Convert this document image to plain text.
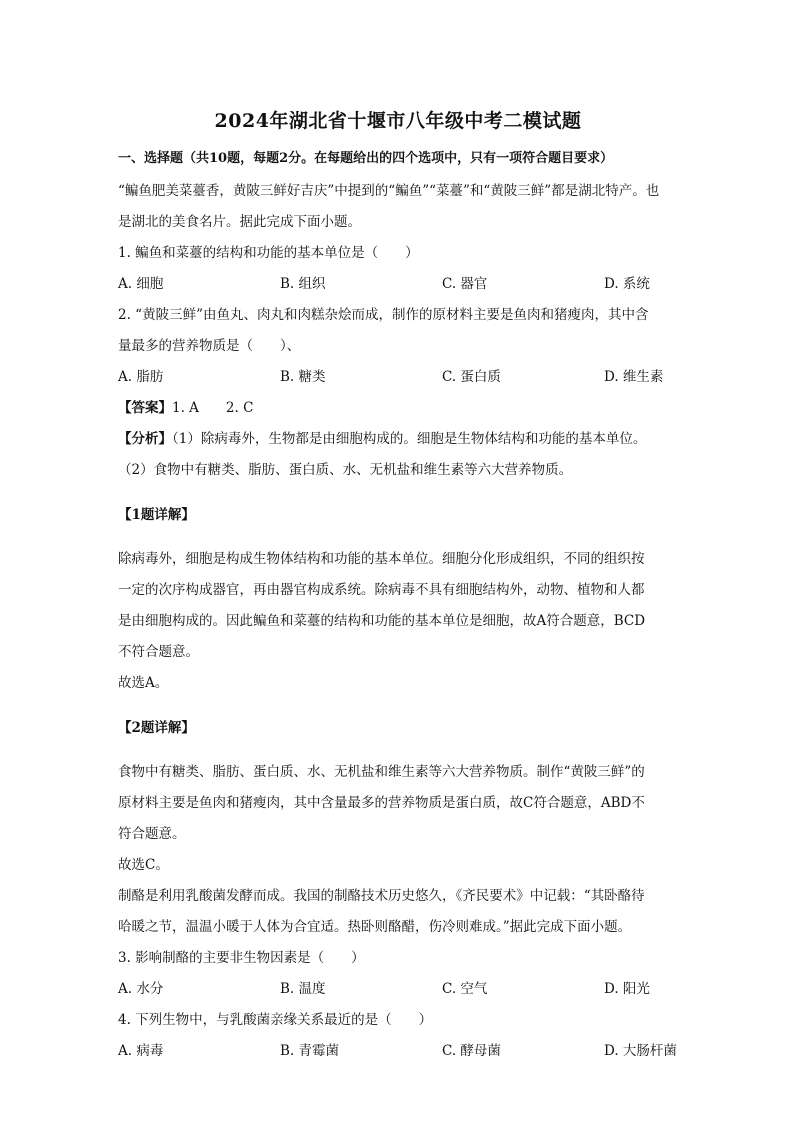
2024年湖北省十堰市八年级中考二模试题
一、选择题（共10题，每题2分。在每题给出的四个选项中，只有一项符合题目要求）

“鳊鱼肥美菜薹香，黄陂三鲜好吉庆”中提到的“鳊鱼”“菜薹”和“黄陂三鲜”都是湖北特产。也

是湖北的美食名片。据此完成下面小题。

1. 鳊鱼和菜薹的结构和功能的基本单位是（　　）

A. 细胞	B. 组织	C. 器官	D. 系统

2. “黄陂三鲜”由鱼丸、肉丸和肉糕杂烩而成，制作的原材料主要是鱼肉和猪瘦肉，其中含

量最多的营养物质是（　　）、

A. 脂肪	B. 糖类	C. 蛋白质	D. 维生素

【答案】1. A　　2. C

【分析】（1）除病毒外，生物都是由细胞构成的。细胞是生物体结构和功能的基本单位。

（2）食物中有糖类、脂肪、蛋白质、水、无机盐和维生素等六大营养物质。

【1题详解】

除病毒外，细胞是构成生物体结构和功能的基本单位。细胞分化形成组织，不同的组织按

一定的次序构成器官，再由器官构成系统。除病毒不具有细胞结构外，动物、植物和人都

是由细胞构成的。因此鳊鱼和菜薹的结构和功能的基本单位是细胞，故A符合题意，BCD

不符合题意。

故选A。

【2题详解】

食物中有糖类、脂肪、蛋白质、水、无机盐和维生素等六大营养物质。制作“黄陂三鲜”的

原材料主要是鱼肉和猪瘦肉，其中含量最多的营养物质是蛋白质，故C符合题意，ABD不

符合题意。

故选C。

制酪是利用乳酸菌发酵而成。我国的制酪技术历史悠久，《齐民要术》中记载：“其卧酪待

哈暖之节，温温小暖于人体为合宜适。热卧则酪醋，伤冷则难成。”据此完成下面小题。

3. 影响制酪的主要非生物因素是（　　）

A. 水分	B. 温度	C. 空气	D. 阳光

4. 下列生物中，与乳酸菌亲缘关系最近的是（　　）

A. 病毒	B. 青霉菌	C. 酵母菌	D. 大肠杆菌
